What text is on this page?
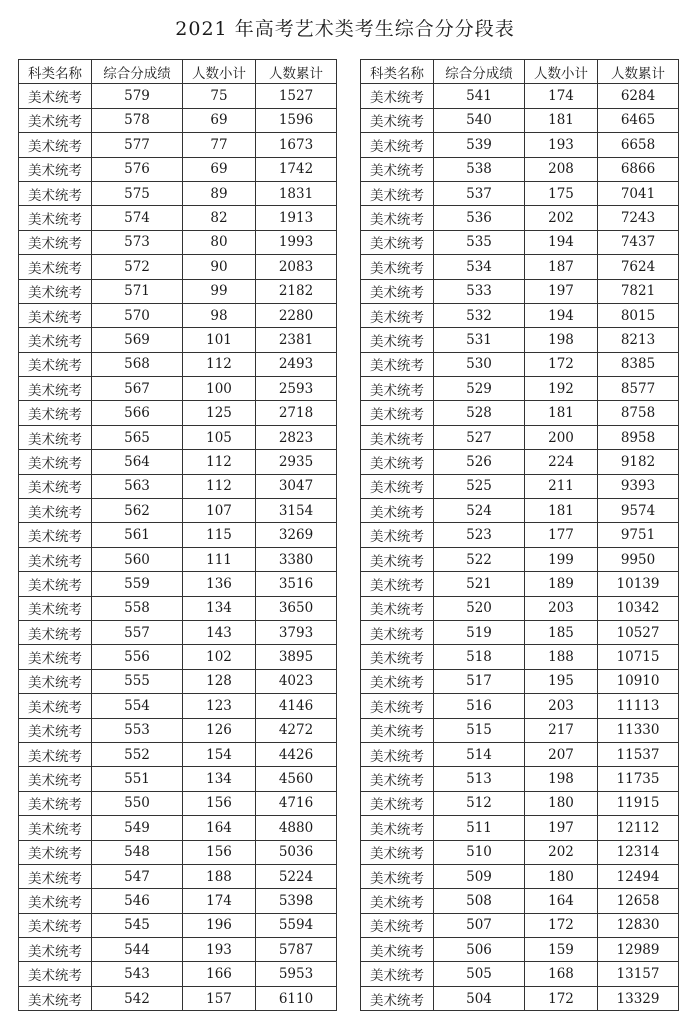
2021 年高考艺术类考生综合分分段表
科类名称	综合分成绩	人数小计	人数累计
美术统考	579	75	1527
美术统考	578	69	1596
美术统考	577	77	1673
美术统考	576	69	1742
美术统考	575	89	1831
美术统考	574	82	1913
美术统考	573	80	1993
美术统考	572	90	2083
美术统考	571	99	2182
美术统考	570	98	2280
美术统考	569	101	2381
美术统考	568	112	2493
美术统考	567	100	2593
美术统考	566	125	2718
美术统考	565	105	2823
美术统考	564	112	2935
美术统考	563	112	3047
美术统考	562	107	3154
美术统考	561	115	3269
美术统考	560	111	3380
美术统考	559	136	3516
美术统考	558	134	3650
美术统考	557	143	3793
美术统考	556	102	3895
美术统考	555	128	4023
美术统考	554	123	4146
美术统考	553	126	4272
美术统考	552	154	4426
美术统考	551	134	4560
美术统考	550	156	4716
美术统考	549	164	4880
美术统考	548	156	5036
美术统考	547	188	5224
美术统考	546	174	5398
美术统考	545	196	5594
美术统考	544	193	5787
美术统考	543	166	5953
美术统考	542	157	6110
科类名称	综合分成绩	人数小计	人数累计
美术统考	541	174	6284
美术统考	540	181	6465
美术统考	539	193	6658
美术统考	538	208	6866
美术统考	537	175	7041
美术统考	536	202	7243
美术统考	535	194	7437
美术统考	534	187	7624
美术统考	533	197	7821
美术统考	532	194	8015
美术统考	531	198	8213
美术统考	530	172	8385
美术统考	529	192	8577
美术统考	528	181	8758
美术统考	527	200	8958
美术统考	526	224	9182
美术统考	525	211	9393
美术统考	524	181	9574
美术统考	523	177	9751
美术统考	522	199	9950
美术统考	521	189	10139
美术统考	520	203	10342
美术统考	519	185	10527
美术统考	518	188	10715
美术统考	517	195	10910
美术统考	516	203	11113
美术统考	515	217	11330
美术统考	514	207	11537
美术统考	513	198	11735
美术统考	512	180	11915
美术统考	511	197	12112
美术统考	510	202	12314
美术统考	509	180	12494
美术统考	508	164	12658
美术统考	507	172	12830
美术统考	506	159	12989
美术统考	505	168	13157
美术统考	504	172	13329
